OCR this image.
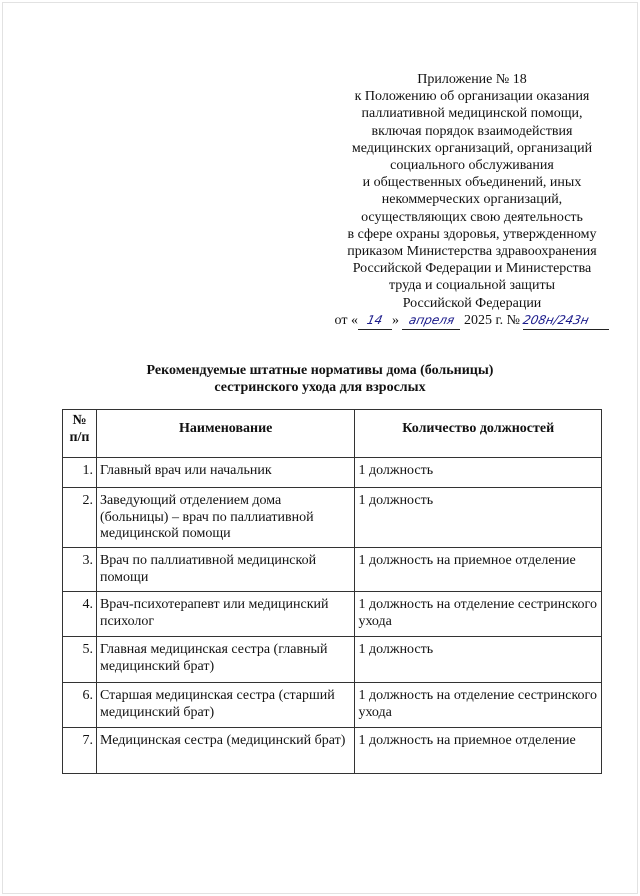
Приложение № 18
к Положению об организации оказания
паллиативной медицинской помощи,
включая порядок взаимодействия
медицинских организаций, организаций
социального обслуживания
и общественных объединений, иных
некоммерческих организаций,
осуществляющих свою деятельность
в сфере охраны здоровья, утвержденному
приказом Министерства здравоохранения
Российской Федерации и Министерства
труда и социальной защиты
Российской Федерации
от « 14 » апреля 2025 г. № 208н/243н
Рекомендуемые штатные нормативы дома (больницы)
сестринского ухода для взрослых
№ п/п	Наименование	Количество должностей
1.	Главный врач или начальник	1 должность
2.	Заведующий отделением дома (больницы) – врач по паллиативной медицинской помощи	1 должность
3.	Врач по паллиативной медицинской помощи	1 должность на приемное отделение
4.	Врач-психотерапевт или медицинский психолог	1 должность на отделение сестринского ухода
5.	Главная медицинская сестра (главный медицинский брат)	1 должность
6.	Старшая медицинская сестра (старший медицинский брат)	1 должность на отделение сестринского ухода
7.	Медицинская сестра (медицинский брат)	1 должность на приемное отделение
